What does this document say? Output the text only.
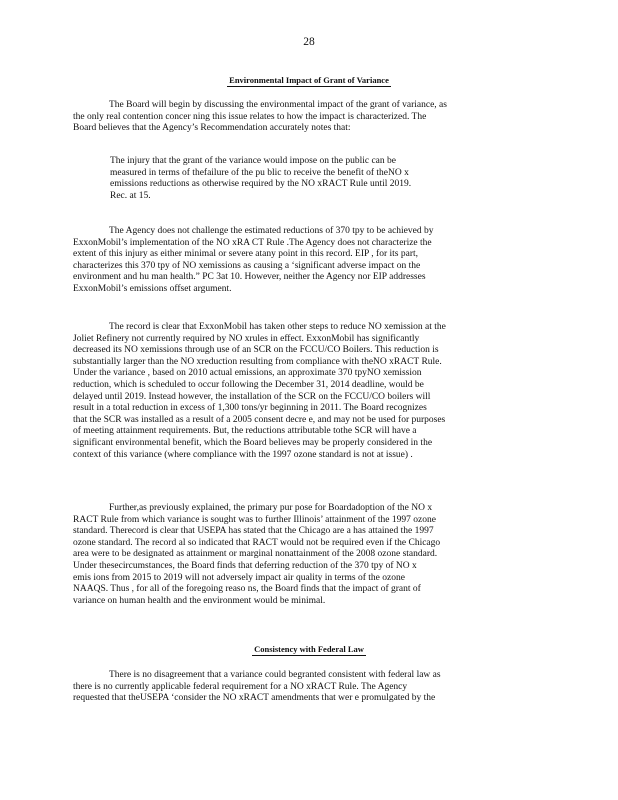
28
Environmental Impact of Grant of Variance
The Board will begin by discussing the environmental impact of the grant of variance, as
the only real contention concer ning this issue relates to how the impact is characterized. The
Board believes that the Agency’s Recommendation accurately notes that:
The injury that the grant of the variance would impose on the public can be
measured in terms of thefailure of the pu blic to receive the benefit of theNO x
emissions reductions as otherwise required by the NO xRACT Rule until 2019.
Rec. at 15.
The Agency does not challenge the estimated reductions of 370 tpy to be achieved by
ExxonMobil’s implementation of the NO xRA CT Rule .The Agency does not characterize the
extent of this injury as either minimal or severe atany point in this record. EIP , for its part,
characterizes this 370 tpy of NO xemissions as causing a ‘significant adverse impact on the
environment and hu man health.” PC 3at 10. However, neither the Agency nor EIP addresses
ExxonMobil’s emissions offset argument.
The record is clear that ExxonMobil has taken other steps to reduce NO xemission at the
Joliet Refinery not currently required by NO xrules in effect. ExxonMobil has significantly
decreased its NO xemissions through use of an SCR on the FCCU/CO Boilers. This reduction is
substantially larger than the NO xreduction resulting from compliance with theNO xRACT Rule.
Under the variance , based on 2010 actual emissions, an approximate 370 tpyNO xemission
reduction, which is scheduled to occur following the December 31, 2014 deadline, would be
delayed until 2019. Instead however, the installation of the SCR on the FCCU/CO boilers will
result in a total reduction in excess of 1,300 tons/yr beginning in 2011. The Board recognizes
that the SCR was installed as a result of a 2005 consent decre e, and may not be used for purposes
of meeting attainment requirements. But, the reductions attributable tothe SCR will have a
significant environmental benefit, which the Board believes may be properly considered in the
context of this variance (where compliance with the 1997 ozone standard is not at issue) .
Further,as previously explained, the primary pur pose for Boardadoption of the NO x
RACT Rule from which variance is sought was to further Illinois’ attainment of the 1997 ozone
standard. Therecord is clear that USEPA has stated that the Chicago are a has attained the 1997
ozone standard. The record al so indicated that RACT would not be required even if the Chicago
area were to be designated as attainment or marginal nonattainment of the 2008 ozone standard.
Under thesecircumstances, the Board finds that deferring reduction of the 370 tpy of NO x
emis ions from 2015 to 2019 will not adversely impact air quality in terms of the ozone
NAAQS. Thus , for all of the foregoing reaso ns, the Board finds that the impact of grant of
variance on human health and the environment would be minimal.
Consistency with Federal Law
There is no disagreement that a variance could begranted consistent with federal law as
there is no currently applicable federal requirement for a NO xRACT Rule. The Agency
requested that theUSEPA ‘consider the NO xRACT amendments that wer e promulgated by the
